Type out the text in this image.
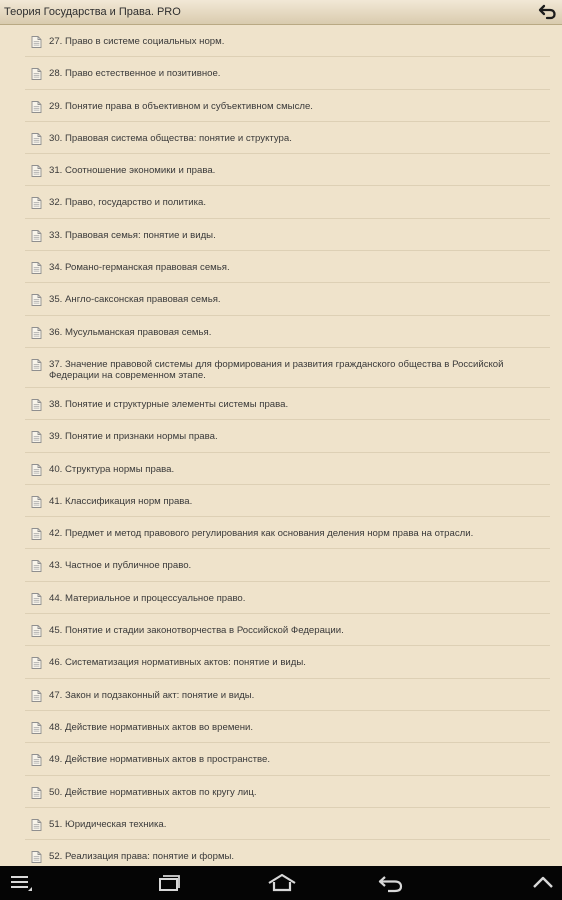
Теория Государства и Права. PRO
27. Право в системе социальных норм.
28. Право естественное и позитивное.
29. Понятие права в объективном и субъективном смысле.
30. Правовая система общества: понятие и структура.
31. Соотношение экономики и права.
32. Право, государство и политика.
33. Правовая семья: понятие и виды.
34. Романо-германская правовая семья.
35. Англо-саксонская правовая семья.
36. Мусульманская правовая семья.
37. Значение правовой системы для формирования и развития гражданского общества в Российской Федерации на современном этапе.
38. Понятие и структурные элементы системы права.
39. Понятие и признаки нормы права.
40. Структура нормы права.
41. Классификация норм права.
42. Предмет и метод правового регулирования как основания деления норм права на отрасли.
43. Частное и публичное право.
44. Материальное и процессуальное право.
45. Понятие и стадии законотворчества в Российской Федерации.
46. Систематизация нормативных актов: понятие и виды.
47. Закон и подзаконный акт: понятие и виды.
48. Действие нормативных актов во времени.
49. Действие нормативных актов в пространстве.
50. Действие нормативных актов по кругу лиц.
51. Юридическая техника.
52. Реализация права: понятие и формы.
